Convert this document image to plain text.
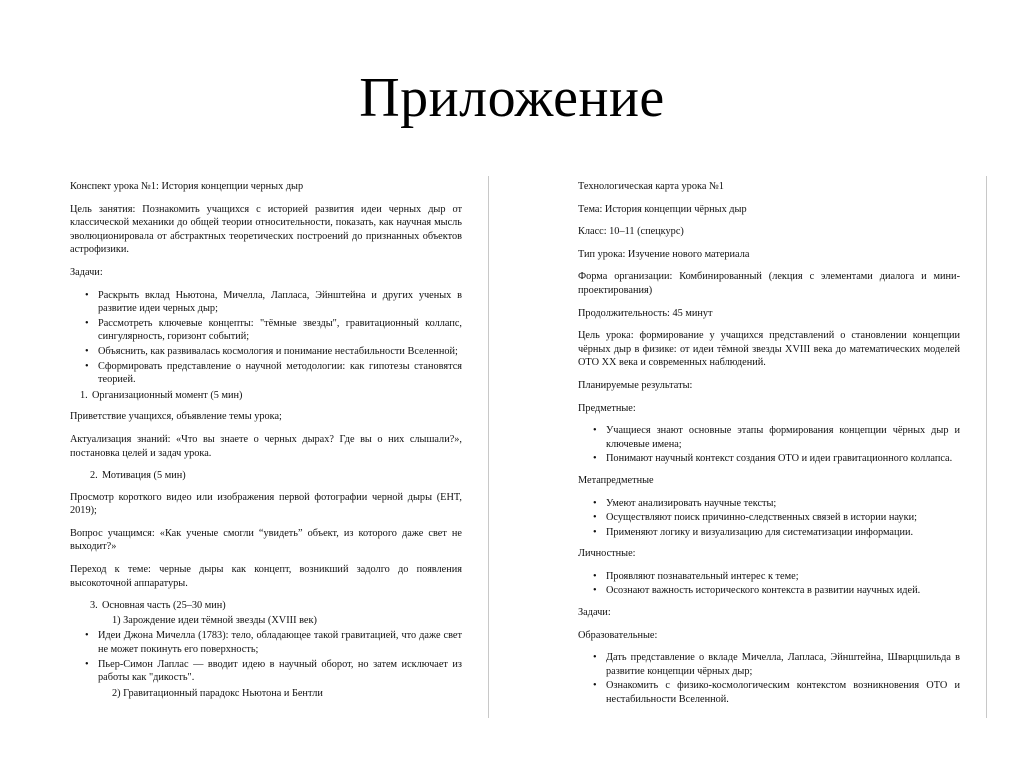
Приложение

Конспект урока №1: История концепции черных дыр

Цель занятия: Познакомить учащихся с историей развития идеи черных дыр от классической механики до общей теории относительности, показать, как научная мысль эволюционировала от абстрактных теоретических построений до признанных объектов астрофизики.

Задачи:

• Раскрыть вклад Ньютона, Мичелла, Лапласа, Эйнштейна и других ученых в развитие идеи черных дыр;
• Рассмотреть ключевые концепты: "тёмные звезды", гравитационный коллапс, сингулярность, горизонт событий;
• Объяснить, как развивалась космология и понимание нестабильности Вселенной;
• Сформировать представление о научной методологии: как гипотезы становятся теорией.
1. Организационный момент (5 мин)

Приветствие учащихся, объявление темы урока;

Актуализация знаний: «Что вы знаете о черных дырах? Где вы о них слышали?», постановка целей и задач урока.

2. Мотивация (5 мин)

Просмотр короткого видео или изображения первой фотографии черной дыры (EHT, 2019);

Вопрос учащимся: «Как ученые смогли “увидеть” объект, из которого даже свет не выходит?»

Переход к теме: черные дыры как концепт, возникший задолго до появления высокоточной аппаратуры.

3. Основная часть (25–30 мин)
1) Зарождение идеи тёмной звезды (XVIII век)
• Идеи Джона Мичелла (1783): тело, обладающее такой гравитацией, что даже свет не может покинуть его поверхность;
• Пьер-Симон Лаплас — вводит идею в научный оборот, но затем исключает из работы как "дикость".
2) Гравитационный парадокс Ньютона и Бентли

Технологическая карта урока №1

Тема: История концепции чёрных дыр

Класс: 10–11 (спецкурс)

Тип урока: Изучение нового материала

Форма организации: Комбинированный (лекция с элементами диалога и мини-проектирования)

Продолжительность: 45 минут

Цель урока: формирование у учащихся представлений о становлении концепции чёрных дыр в физике: от идеи тёмной звезды XVIII века до математических моделей ОТО XX века и современных наблюдений.

Планируемые результаты:

Предметные:

• Учащиеся знают основные этапы формирования концепции чёрных дыр и ключевые имена;
• Понимают научный контекст создания ОТО и идеи гравитационного коллапса.

Метапредметные

• Умеют анализировать научные тексты;
• Осуществляют поиск причинно-следственных связей в истории науки;
• Применяют логику и визуализацию для систематизации информации.

Личностные:

• Проявляют познавательный интерес к теме;
• Осознают важность исторического контекста в развитии научных идей.

Задачи:

Образовательные:

• Дать представление о вкладе Мичелла, Лапласа, Эйнштейна, Шварцшильда в развитие концепции чёрных дыр;
• Ознакомить с физико-космологическим контекстом возникновения ОТО и нестабильности Вселенной.
